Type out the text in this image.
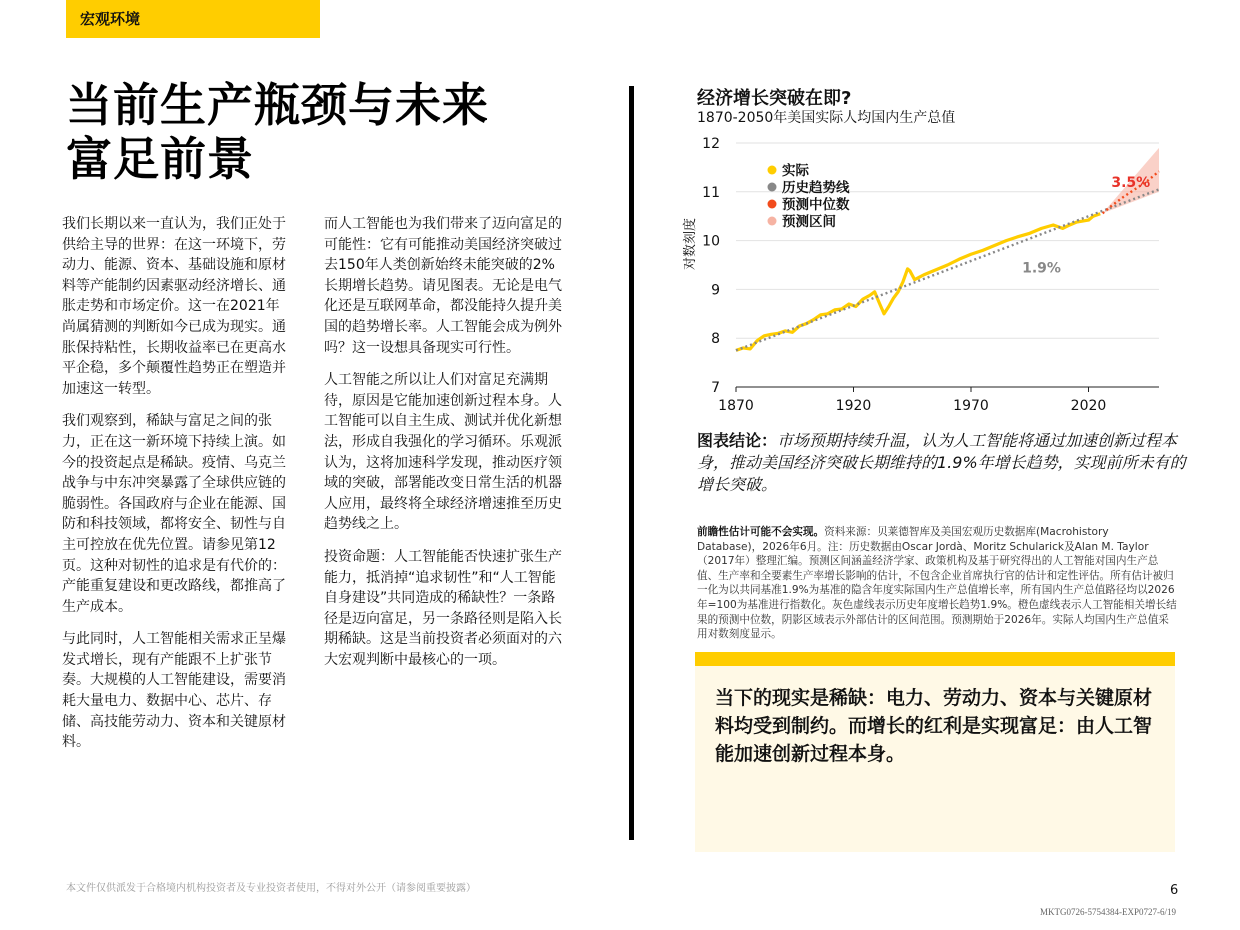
宏观环境
当前生产瓶颈与未来
富足前景

我们长期以来一直认为，我们正处于供给主导的世界：在这一环境下，劳动力、能源、资本、基础设施和原材料等产能制约因素驱动经济增长、通胀走势和市场定价。这一在2021年尚属猜测的判断如今已成为现实。通胀保持粘性，长期收益率已在更高水平企稳，多个颠覆性趋势正在塑造并加速这一转型。

我们观察到，稀缺与富足之间的张力，正在这一新环境下持续上演。如今的投资起点是稀缺。疫情、乌克兰战争与中东冲突暴露了全球供应链的脆弱性。各国政府与企业在能源、国防和科技领域，都将安全、韧性与自主可控放在优先位置。请参见第12页。这种对韧性的追求是有代价的：产能重复建设和更改路线，都推高了生产成本。

与此同时，人工智能相关需求正呈爆发式增长，现有产能跟不上扩张节奏。大规模的人工智能建设，需要消耗大量电力、数据中心、芯片、存储、高技能劳动力、资本和关键原材料。

而人工智能也为我们带来了迈向富足的可能性：它有可能推动美国经济突破过去150年人类创新始终未能突破的2%长期增长趋势。请见图表。无论是电气化还是互联网革命，都没能持久提升美国的趋势增长率。人工智能会成为例外吗？这一设想具备现实可行性。

人工智能之所以让人们对富足充满期待，原因是它能加速创新过程本身。人工智能可以自主生成、测试并优化新想法，形成自我强化的学习循环。乐观派认为，这将加速科学发现，推动医疗领域的突破，部署能改变日常生活的机器人应用，最终将全球经济增速推至历史趋势线之上。

投资命题：人工智能能否快速扩张生产能力，抵消掉“追求韧性”和“人工智能自身建设”共同造成的稀缺性？一条路径是迈向富足，另一条路径则是陷入长期稀缺。这是当前投资者必须面对的六大宏观判断中最核心的一项。

经济增长突破在即?
1870-2050年美国实际人均国内生产总值
对数刻度
7
8
9
10
11
12
1870	1920	1970	2020
实际
历史趋势线
预测中位数
预测区间
3.5%
1.9%
图表结论：市场预期持续升温，认为人工智能将通过加速创新过程本身，推动美国经济突破长期维持的1.9%年增长趋势，实现前所未有的增长突破。
前瞻性估计可能不会实现。资料来源：贝莱德智库及美国宏观历史数据库(Macrohistory Database)，2026年6月。注：历史数据由Oscar Jordà、Moritz Schularick及Alan M. Taylor（2017年）整理汇编。预测区间涵盖经济学家、政策机构及基于研究得出的人工智能对国内生产总值、生产率和全要素生产率增长影响的估计，不包含企业首席执行官的估计和定性评估。所有估计被归一化为以共同基准1.9%为基准的隐含年度实际国内生产总值增长率，所有国内生产总值路径均以2026年=100为基准进行指数化。灰色虚线表示历史年度增长趋势1.9%。橙色虚线表示人工智能相关增长结果的预测中位数，阴影区域表示外部估计的区间范围。预测期始于2026年。实际人均国内生产总值采用对数刻度显示。

当下的现实是稀缺：电力、劳动力、资本与关键原材料均受到制约。而增长的红利是实现富足：由人工智能加速创新过程本身。

本文件仅供派发于合格境内机构投资者及专业投资者使用，不得对外公开（请参阅重要披露）	6
MKTG0726-5754384-EXP0727-6/19
